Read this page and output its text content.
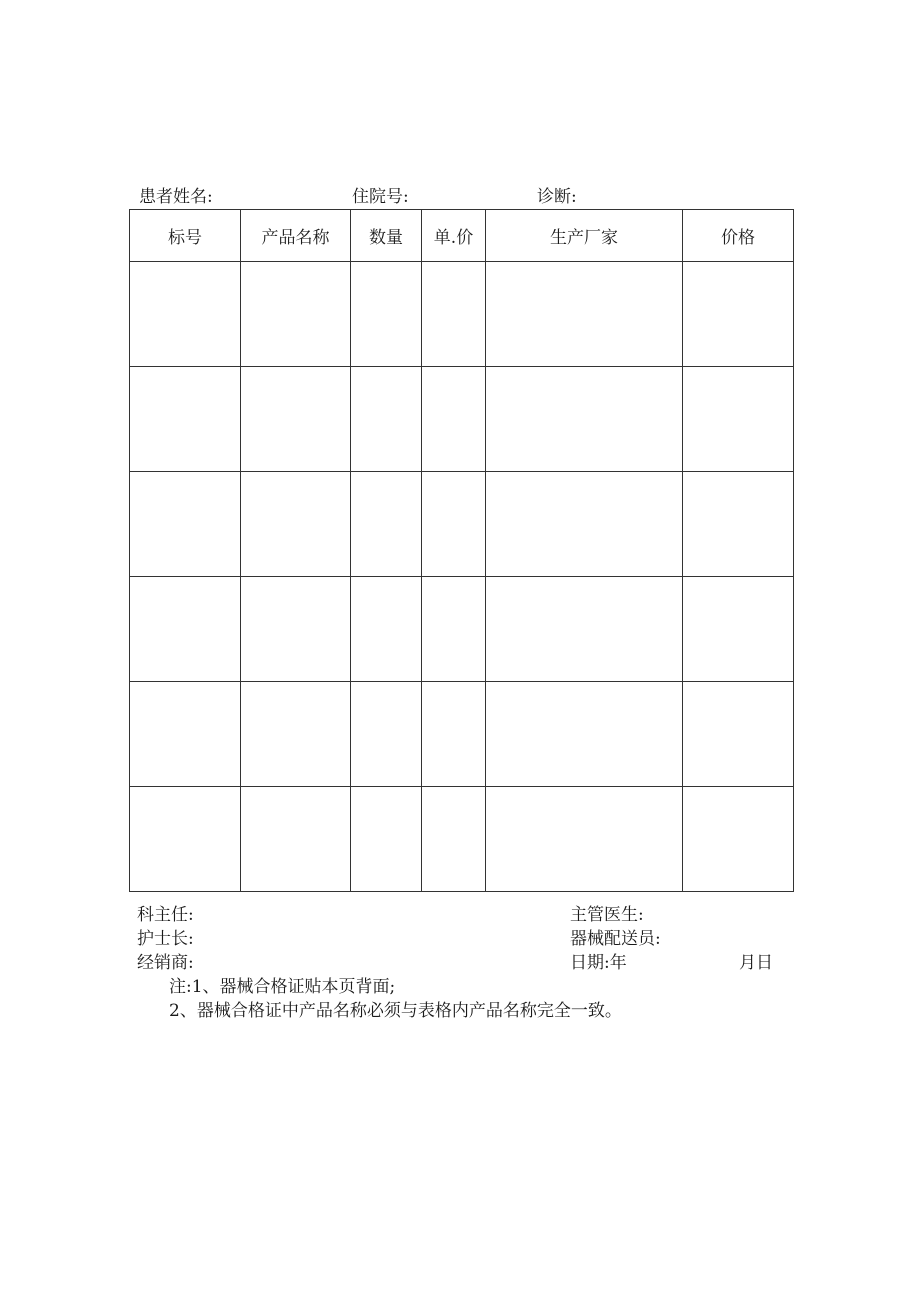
患者姓名:	住院号:	诊断:
标号	产品名称	数量	单.价	生产厂家	价格

科主任:	主管医生:
护士长:	器械配送员:
经销商:	日期:年	月日
注:1、器械合格证贴本页背面;
2、器械合格证中产品名称必须与表格内产品名称完全一致。
